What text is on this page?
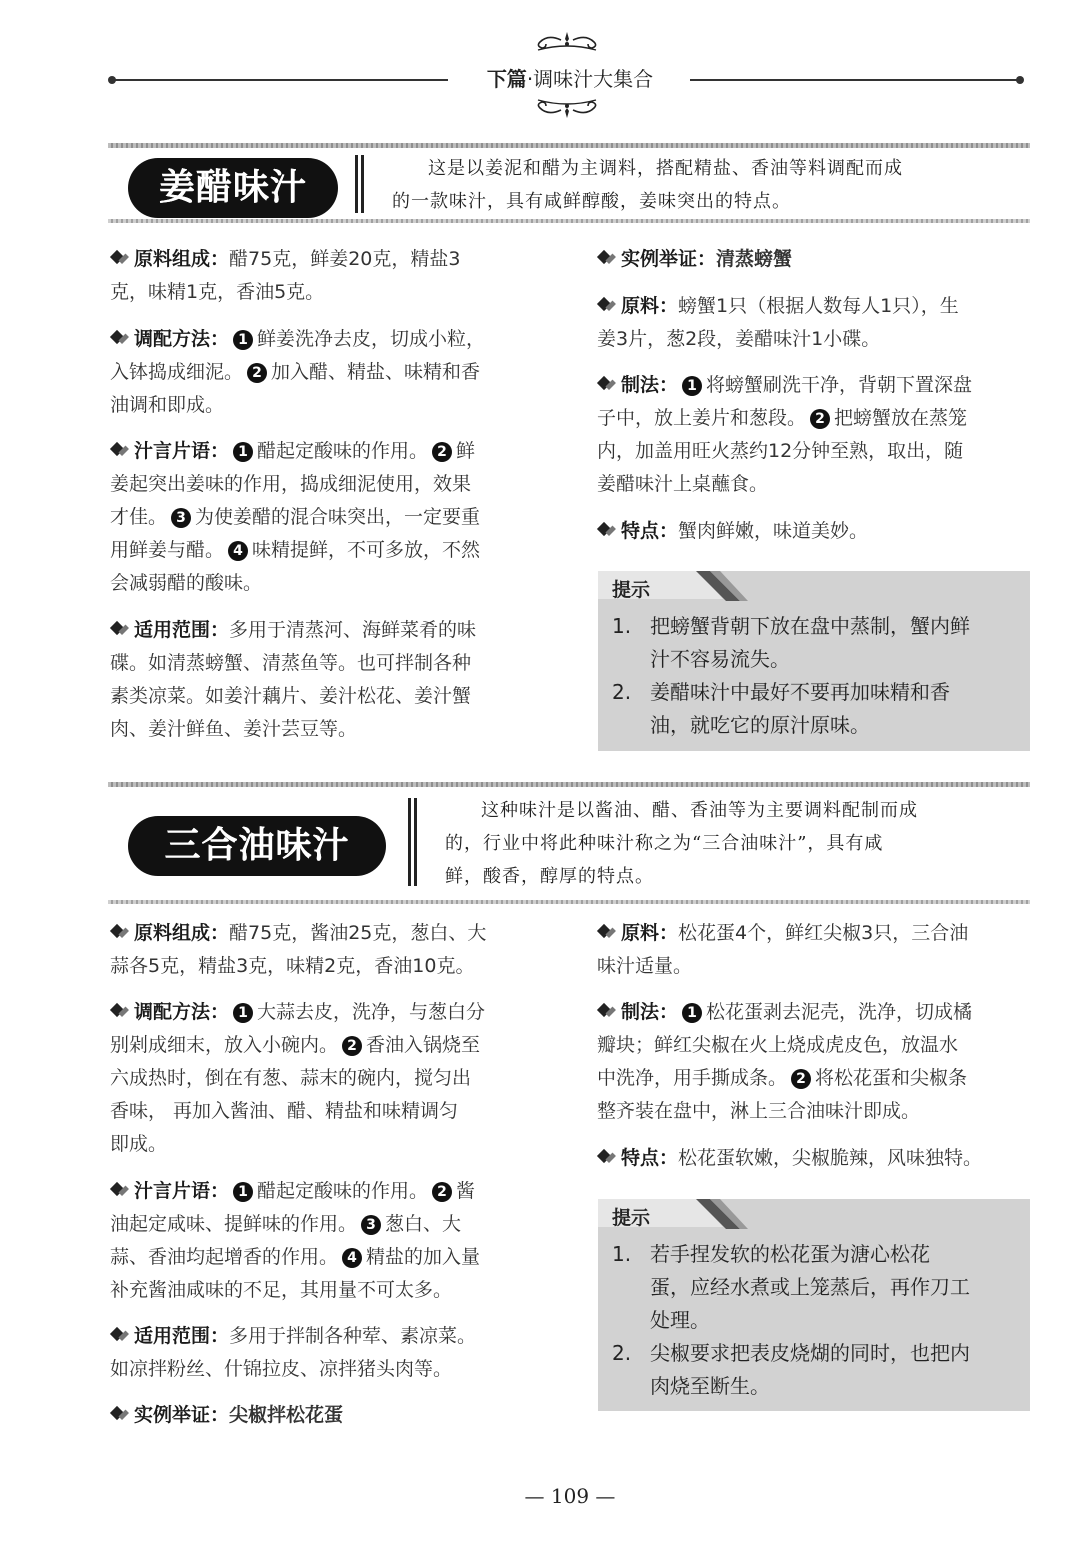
下篇·调味汁大集合
姜醋味汁	这是以姜泥和醋为主调料，搭配精盐、香油等料调配而成
的一款味汁，具有咸鲜醇酸，姜味突出的特点。
原料组成：醋75克，鲜姜20克，精盐3
克，味精1克，香油5克。
调配方法： 1 鲜姜洗净去皮，切成小粒，
入钵捣成细泥。 2 加入醋、精盐、味精和香
油调和即成。
汁言片语： 1 醋起定酸味的作用。 2 鲜
姜起突出姜味的作用，捣成细泥使用，效果
才佳。 3 为使姜醋的混合味突出，一定要重
用鲜姜与醋。 4 味精提鲜，不可多放，不然
会减弱醋的酸味。
适用范围：多用于清蒸河、海鲜菜肴的味
碟。如清蒸螃蟹、清蒸鱼等。也可拌制各种
素类凉菜。如姜汁藕片、姜汁松花、姜汁蟹
肉、姜汁鲜鱼、姜汁芸豆等。
实例举证：清蒸螃蟹
原料：螃蟹1只（根据人数每人1只），生
姜3片，葱2段，姜醋味汁1小碟。
制法： 1 将螃蟹刷洗干净，背朝下置深盘
子中，放上姜片和葱段。 2 把螃蟹放在蒸笼
内，加盖用旺火蒸约12分钟至熟，取出，随
姜醋味汁上桌蘸食。
特点：蟹肉鲜嫩，味道美妙。
提示
1. 把螃蟹背朝下放在盘中蒸制，蟹内鲜
汁不容易流失。
2. 姜醋味汁中最好不要再加味精和香
油，就吃它的原汁原味。
三合油味汁
这种味汁是以酱油、醋、香油等为主要调料配制而成
的，行业中将此种味汁称之为“三合油味汁”，具有咸
鲜，酸香，醇厚的特点。
原料组成：醋75克，酱油25克，葱白、大
蒜各5克，精盐3克，味精2克，香油10克。
调配方法： 1 大蒜去皮，洗净，与葱白分
别剁成细末，放入小碗内。 2 香油入锅烧至
六成热时，倒在有葱、蒜末的碗内，搅匀出
香味， 再加入酱油、醋、精盐和味精调匀
即成。
汁言片语： 1 醋起定酸味的作用。 2 酱
油起定咸味、提鲜味的作用。 3 葱白、大
蒜、香油均起增香的作用。 4 精盐的加入量
补充酱油咸味的不足，其用量不可太多。
适用范围：多用于拌制各种荤、素凉菜。
如凉拌粉丝、什锦拉皮、凉拌猪头肉等。
实例举证：尖椒拌松花蛋
原料：松花蛋4个，鲜红尖椒3只，三合油
味汁适量。
制法： 1 松花蛋剥去泥壳，洗净，切成橘
瓣块；鲜红尖椒在火上烧成虎皮色，放温水
中洗净，用手撕成条。 2 将松花蛋和尖椒条
整齐装在盘中，淋上三合油味汁即成。
特点：松花蛋软嫩，尖椒脆辣，风味独特。
提示
1. 若手捏发软的松花蛋为溏心松花
蛋，应经水煮或上笼蒸后，再作刀工
处理。
2. 尖椒要求把表皮烧煳的同时，也把内
肉烧至断生。
— 109 —
